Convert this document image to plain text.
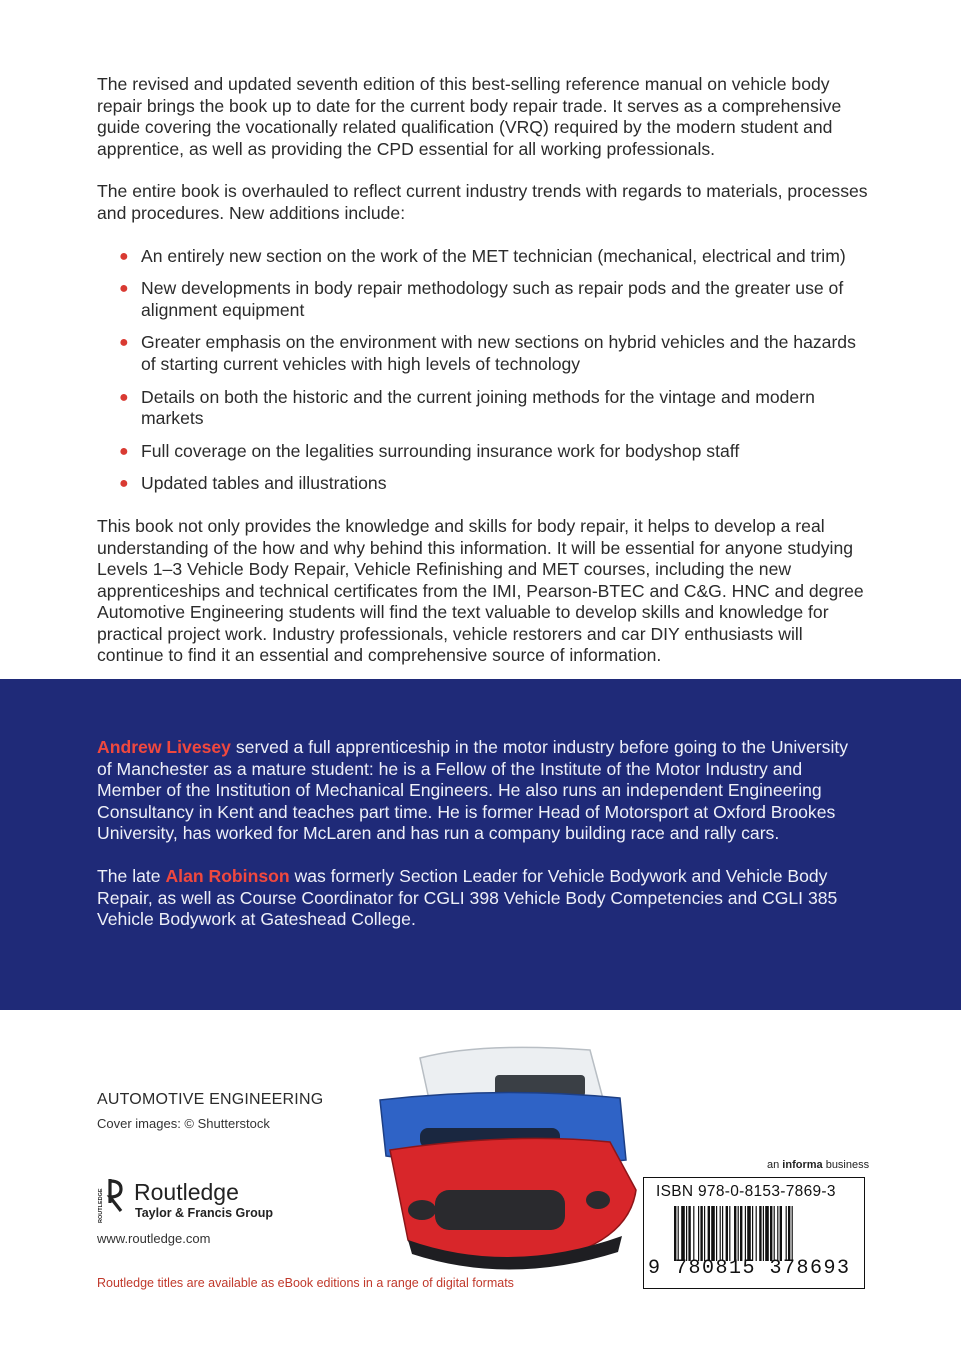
The revised and updated seventh edition of this best-selling reference manual on vehicle body repair brings the book up to date for the current body repair trade. It serves as a comprehensive guide covering the vocationally related qualification (VRQ) required by the modern student and apprentice, as well as providing the CPD essential for all working professionals.

The entire book is overhauled to reflect current industry trends with regards to materials, processes and procedures. New additions include:

● An entirely new section on the work of the MET technician (mechanical, electrical and trim)
● New developments in body repair methodology such as repair pods and the greater use of alignment equipment
● Greater emphasis on the environment with new sections on hybrid vehicles and the hazards of starting current vehicles with high levels of technology
● Details on both the historic and the current joining methods for the vintage and modern markets
● Full coverage on the legalities surrounding insurance work for bodyshop staff
● Updated tables and illustrations

This book not only provides the knowledge and skills for body repair, it helps to develop a real understanding of the how and why behind this information. It will be essential for anyone studying Levels 1–3 Vehicle Body Repair, Vehicle Refinishing and MET courses, including the new apprenticeships and technical certificates from the IMI, Pearson-BTEC and C&G. HNC and degree Automotive Engineering students will find the text valuable to develop skills and knowledge for practical project work. Industry professionals, vehicle restorers and car DIY enthusiasts will continue to find it an essential and comprehensive source of information.

Andrew Livesey served a full apprenticeship in the motor industry before going to the University of Manchester as a mature student: he is a Fellow of the Institute of the Motor Industry and Member of the Institution of Mechanical Engineers. He also runs an independent Engineering Consultancy in Kent and teaches part time. He is former Head of Motorsport at Oxford Brookes University, has worked for McLaren and has run a company building race and rally cars.

The late Alan Robinson was formerly Section Leader for Vehicle Bodywork and Vehicle Body Repair, as well as Course Coordinator for CGLI 398 Vehicle Body Competencies and CGLI 385 Vehicle Bodywork at Gateshead College.

AUTOMOTIVE ENGINEERING
Cover images: © Shutterstock
ROUTLEDGE Routledge
Taylor & Francis Group
www.routledge.com
Routledge titles are available as eBook editions in a range of digital formats
an informa business
ISBN 978-0-8153-7869-3
9 780815 378693
